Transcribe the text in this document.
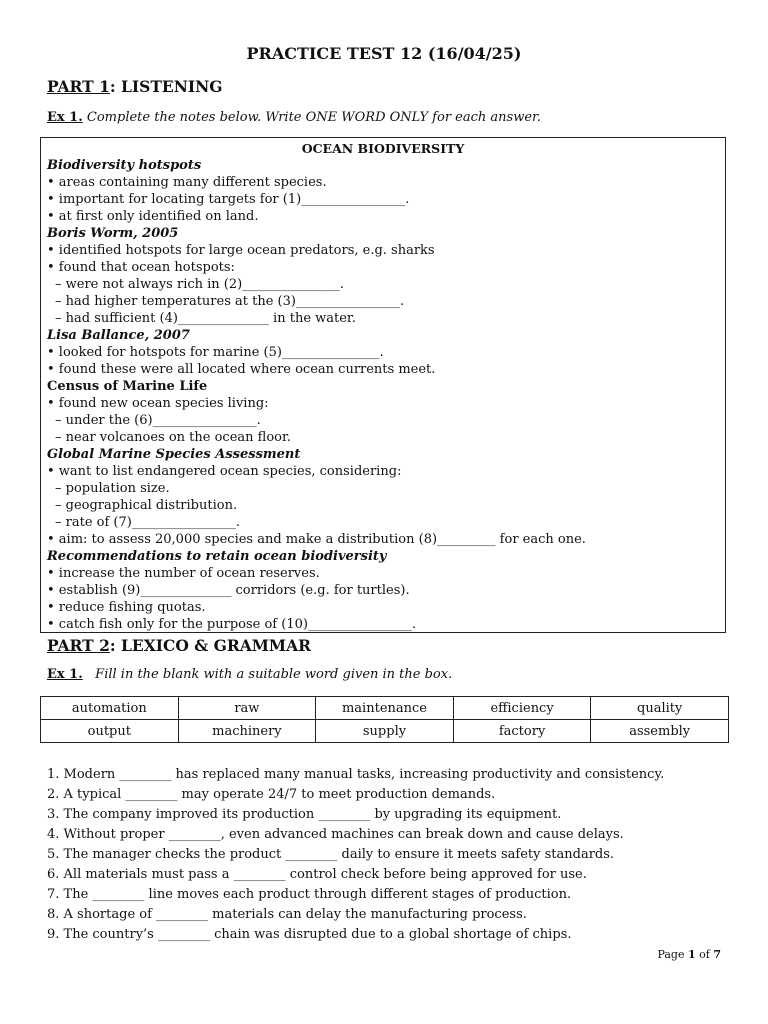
PRACTICE TEST 12 (16/04/25)
PART 1: LISTENING
Ex 1. Complete the notes below. Write ONE WORD ONLY for each answer.
OCEAN BIODIVERSITY
Biodiversity hotspots
• areas containing many different species.
• important for locating targets for (1)________________.
• at first only identified on land.
Boris Worm, 2005
• identified hotspots for large ocean predators, e.g. sharks
• found that ocean hotspots:
– were not always rich in (2)_______________.
– had higher temperatures at the (3)________________.
– had sufficient (4)______________ in the water.
Lisa Ballance, 2007
• looked for hotspots for marine (5)_______________.
• found these were all located where ocean currents meet.
Census of Marine Life
• found new ocean species living:
– under the (6)________________.
– near volcanoes on the ocean floor.
Global Marine Species Assessment
• want to list endangered ocean species, considering:
– population size.
– geographical distribution.
– rate of (7)________________.
• aim: to assess 20,000 species and make a distribution (8)_________ for each one.
Recommendations to retain ocean biodiversity
• increase the number of ocean reserves.
• establish (9)______________ corridors (e.g. for turtles).
• reduce fishing quotas.
• catch fish only for the purpose of (10)________________.
PART 2: LEXICO & GRAMMAR
Ex 1. Fill in the blank with a suitable word given in the box.
automation	raw	maintenance	efficiency	quality
output	machinery	supply	factory	assembly
1. Modern ________ has replaced many manual tasks, increasing productivity and consistency.
2. A typical ________ may operate 24/7 to meet production demands.
3. The company improved its production ________ by upgrading its equipment.
4. Without proper ________, even advanced machines can break down and cause delays.
5. The manager checks the product ________ daily to ensure it meets safety standards.
6. All materials must pass a ________ control check before being approved for use.
7. The ________ line moves each product through different stages of production.
8. A shortage of ________ materials can delay the manufacturing process.
9. The country’s ________ chain was disrupted due to a global shortage of chips.
Page 1 of 7
